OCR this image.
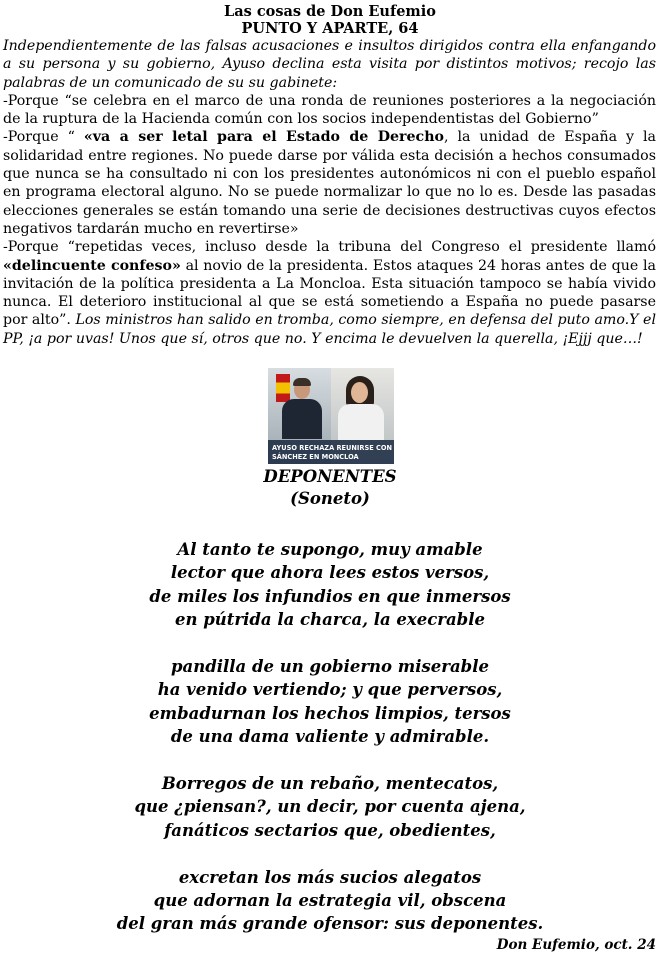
Las cosas de Don Eufemio
PUNTO Y APARTE, 64
Independientemente de las falsas acusaciones e insultos dirigidos contra ella enfangando a su persona y su gobierno, Ayuso declina esta visita por distintos motivos; recojo las palabras de un comunicado de su su gabinete:
-Porque “se celebra en el marco de una ronda de reuniones posteriores a la negociación de la ruptura de la Hacienda común con los socios independentistas del Gobierno”
-Porque “ «va a ser letal para el Estado de Derecho, la unidad de España y la solidaridad entre regiones. No puede darse por válida esta decisión a hechos consumados que nunca se ha consultado ni con los presidentes autonómicos ni con el pueblo español en programa electoral alguno. No se puede normalizar lo que no lo es. Desde las pasadas elecciones generales se están tomando una serie de decisiones destructivas cuyos efectos negativos tardarán mucho en revertirse»
-Porque “repetidas veces, incluso desde la tribuna del Congreso el presidente llamó «delincuente confeso» al novio de la presidenta. Estos ataques 24 horas antes de que la invitación de la política presidenta a La Moncloa. Esta situación tampoco se había vivido nunca. El deterioro institucional al que se está sometiendo a España no puede pasarse por alto”. Los ministros han salido en tromba, como siempre, en defensa del puto amo.Y el PP, ¡a por uvas! Unos que sí, otros que no. Y encima le devuelven la querella, ¡Ejjj que…!
AYUSO RECHAZA REUNIRSE CON
SÁNCHEZ EN MONCLOA
DEPONENTES
(Soneto)
Al tanto te supongo, muy amable
lector que ahora lees estos versos,
de miles los infundios en que inmersos
en pútrida la charca, la execrable
pandilla de un gobierno miserable
ha venido vertiendo; y que perversos,
embadurnan los hechos limpios, tersos
de una dama valiente y admirable.
Borregos de un rebaño, mentecatos,
que ¿piensan?, un decir, por cuenta ajena,
fanáticos sectarios que, obedientes,
excretan los más sucios alegatos
que adornan la estrategia vil, obscena
del gran más grande ofensor: sus deponentes.
Don Eufemio, oct. 24
